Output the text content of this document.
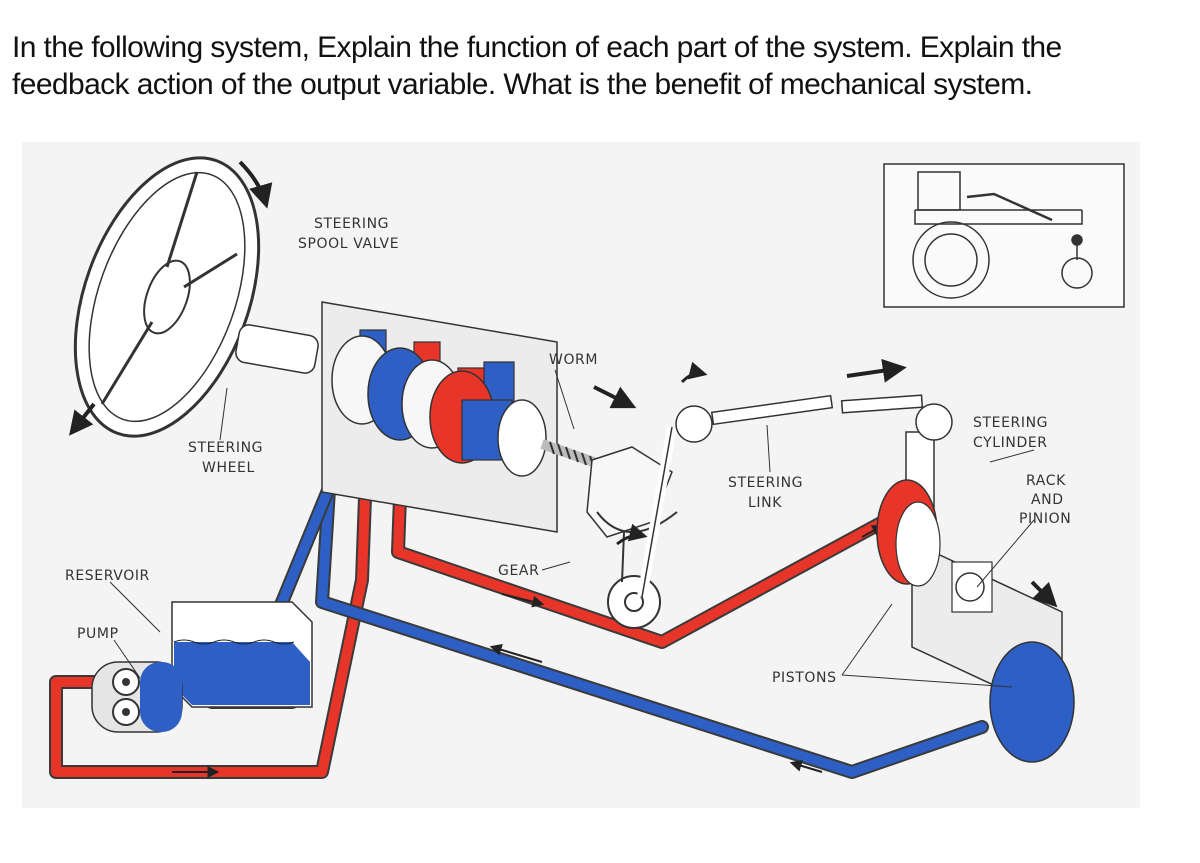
In the following system, Explain the function of each part of the system. Explain the
feedback action of the output variable. What is the benefit of mechanical system.

STEERING
SPOOL VALVE
WORM
STEERING
CYLINDER
STEERING
WHEEL
STEERING
LINK
RACK
AND
PINION
RESERVOIR	GEAR
PUMP
PISTONS
